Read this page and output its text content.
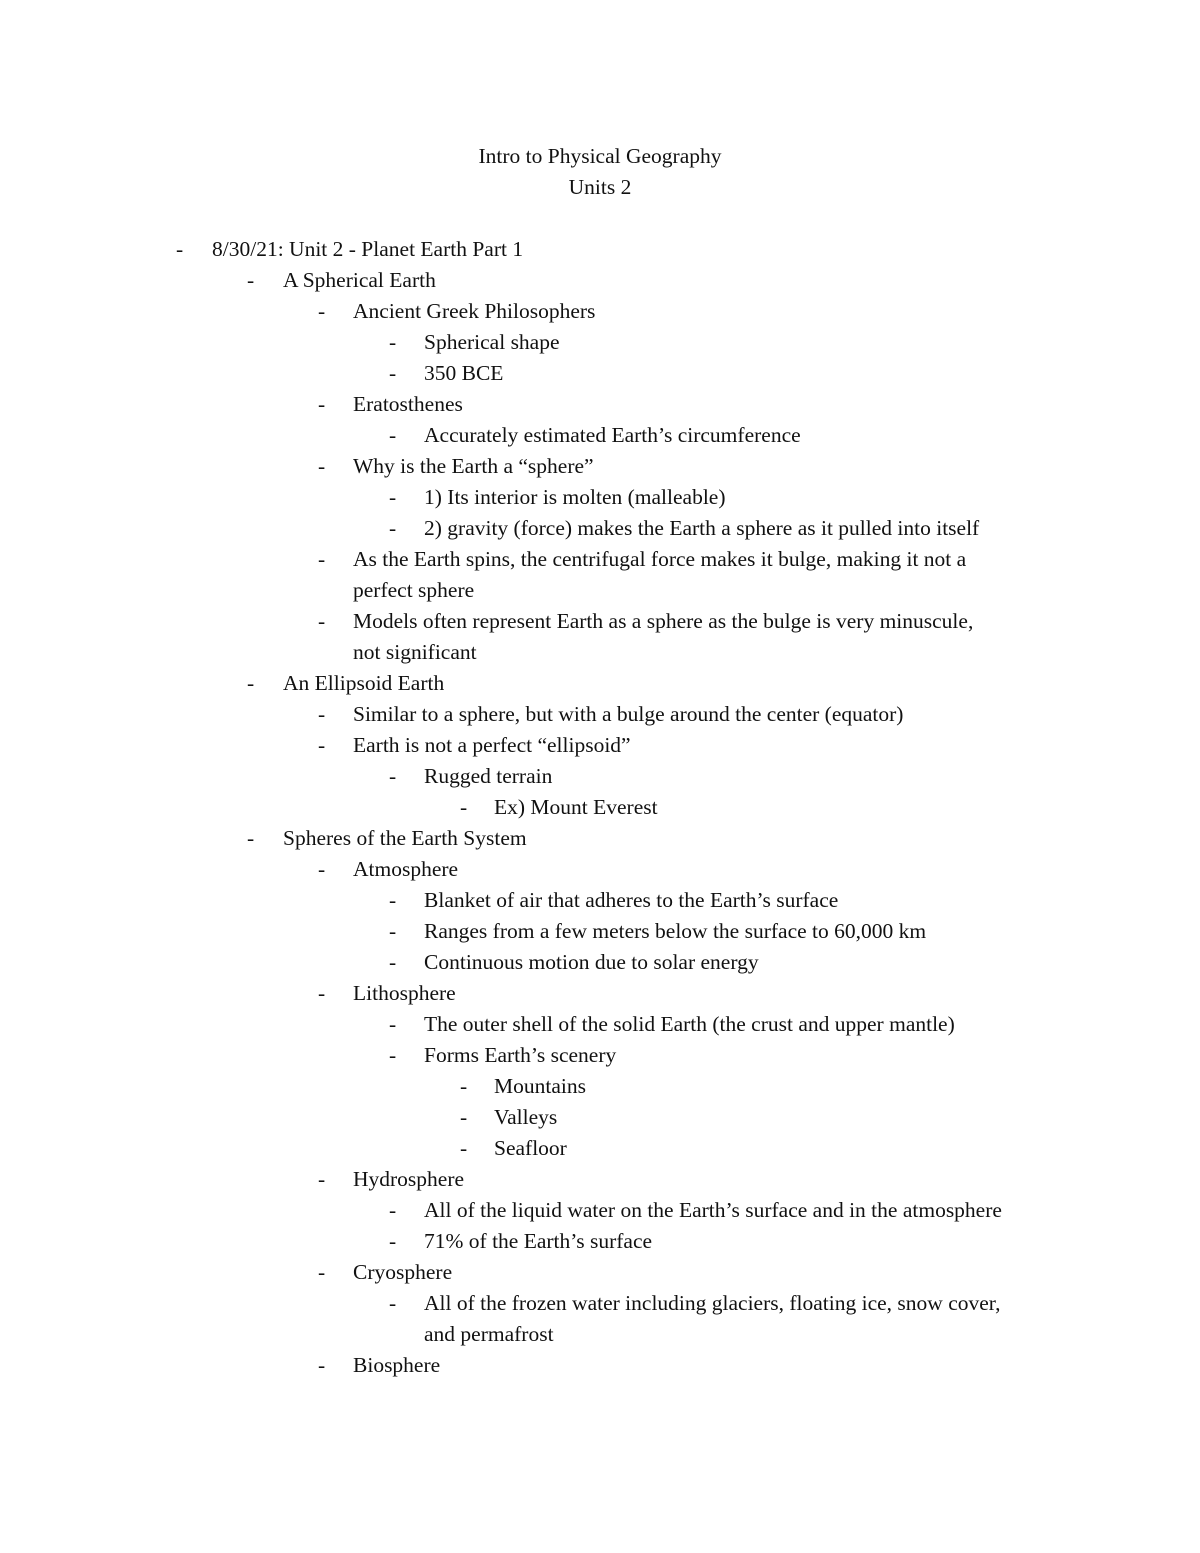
Intro to Physical Geography
Units 2
- 8/30/21: Unit 2 - Planet Earth Part 1
- A Spherical Earth
- Ancient Greek Philosophers
- Spherical shape
- 350 BCE
- Eratosthenes
- Accurately estimated Earth’s circumference
- Why is the Earth a “sphere”
- 1) Its interior is molten (malleable)
- 2) gravity (force) makes the Earth a sphere as it pulled into itself
- As the Earth spins, the centrifugal force makes it bulge, making it not a
perfect sphere
- Models often represent Earth as a sphere as the bulge is very minuscule,
not significant
- An Ellipsoid Earth
- Similar to a sphere, but with a bulge around the center (equator)
- Earth is not a perfect “ellipsoid”
- Rugged terrain
- Ex) Mount Everest
- Spheres of the Earth System
- Atmosphere
- Blanket of air that adheres to the Earth’s surface
- Ranges from a few meters below the surface to 60,000 km
- Continuous motion due to solar energy
- Lithosphere
- The outer shell of the solid Earth (the crust and upper mantle)
- Forms Earth’s scenery
- Mountains
- Valleys
- Seafloor
- Hydrosphere
- All of the liquid water on the Earth’s surface and in the atmosphere
- 71% of the Earth’s surface
- Cryosphere
- All of the frozen water including glaciers, floating ice, snow cover,
and permafrost
- Biosphere
